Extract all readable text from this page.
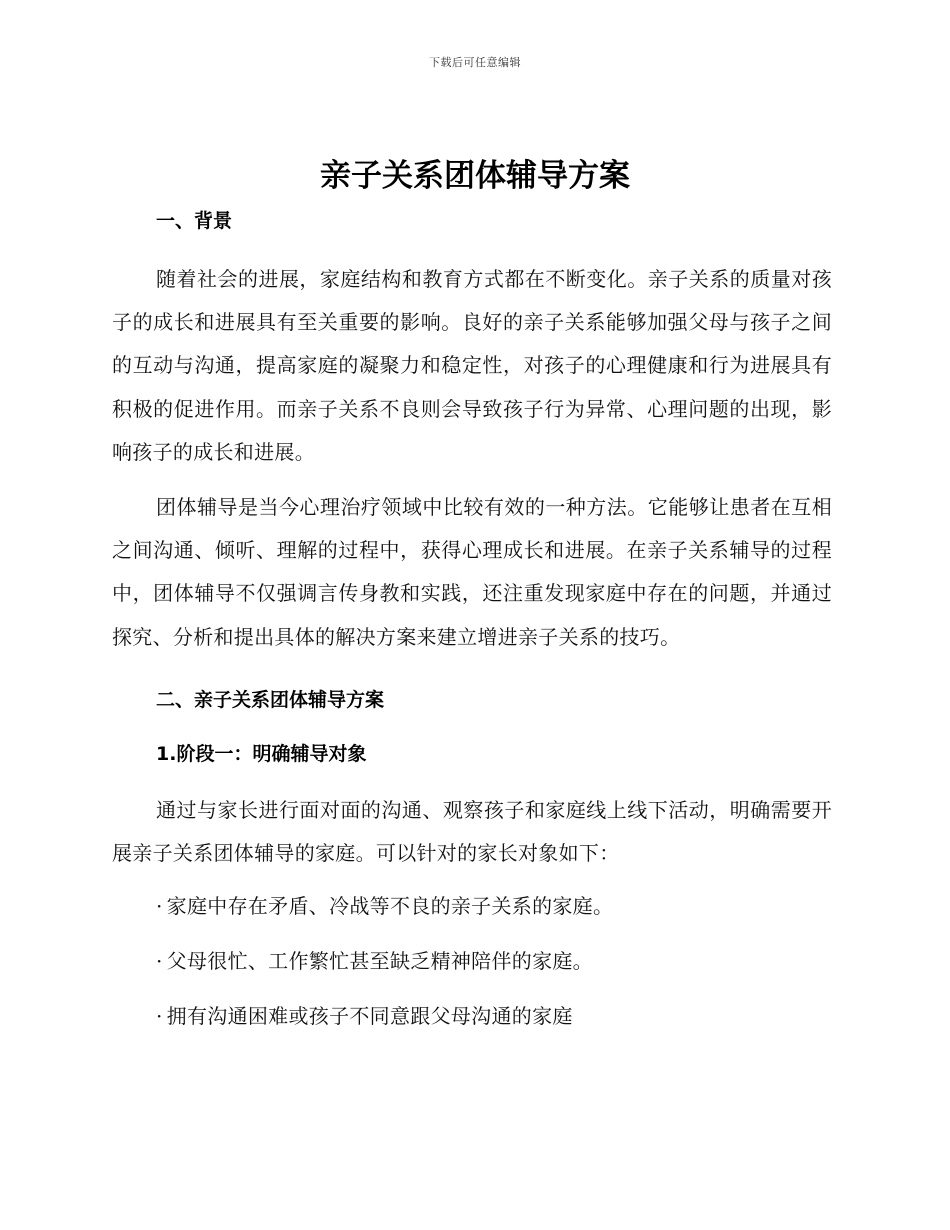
下载后可任意编辑
亲子关系团体辅导方案
一、背景

随着社会的进展，家庭结构和教育方式都在不断变化。亲子关系的质量对孩子的成长和进展具有至关重要的影响。良好的亲子关系能够加强父母与孩子之间的互动与沟通，提高家庭的凝聚力和稳定性，对孩子的心理健康和行为进展具有积极的促进作用。而亲子关系不良则会导致孩子行为异常、心理问题的出现，影响孩子的成长和进展。

团体辅导是当今心理治疗领域中比较有效的一种方法。它能够让患者在互相之间沟通、倾听、理解的过程中，获得心理成长和进展。在亲子关系辅导的过程中，团体辅导不仅强调言传身教和实践，还注重发现家庭中存在的问题，并通过探究、分析和提出具体的解决方案来建立增进亲子关系的技巧。

二、亲子关系团体辅导方案
1.阶段一：明确辅导对象

通过与家长进行面对面的沟通、观察孩子和家庭线上线下活动，明确需要开展亲子关系团体辅导的家庭。可以针对的家长对象如下：

· 家庭中存在矛盾、冷战等不良的亲子关系的家庭。

· 父母很忙、工作繁忙甚至缺乏精神陪伴的家庭。

· 拥有沟通困难或孩子不同意跟父母沟通的家庭
